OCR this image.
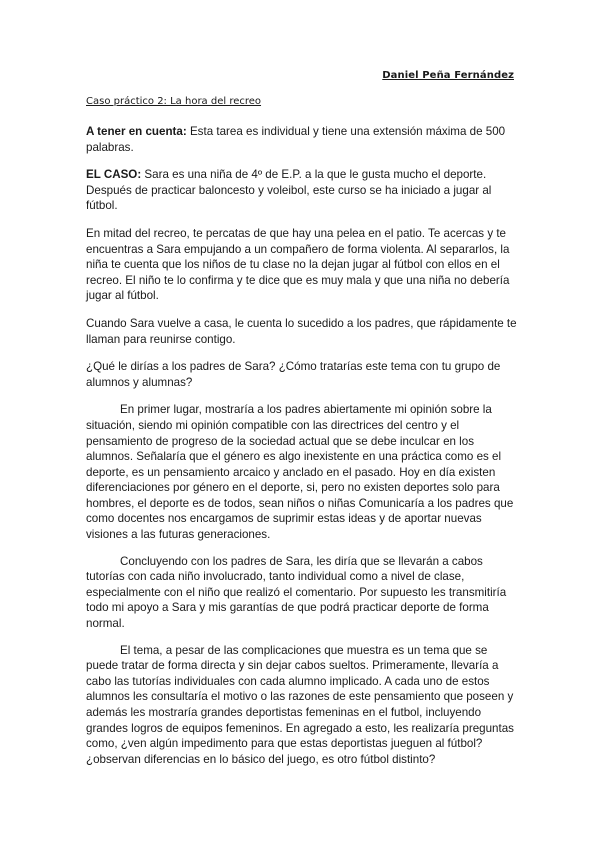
Daniel Peña Fernández
Caso práctico 2: La hora del recreo

A tener en cuenta: Esta tarea es individual y tiene una extensión máxima de 500 palabras.

EL CASO: Sara es una niña de 4º de E.P. a la que le gusta mucho el deporte. Después de practicar baloncesto y voleibol, este curso se ha iniciado a jugar al fútbol.

En mitad del recreo, te percatas de que hay una pelea en el patio. Te acercas y te encuentras a Sara empujando a un compañero de forma violenta. Al separarlos, la niña te cuenta que los niños de tu clase no la dejan jugar al fútbol con ellos en el recreo. El niño te lo confirma y te dice que es muy mala y que una niña no debería jugar al fútbol.

Cuando Sara vuelve a casa, le cuenta lo sucedido a los padres, que rápidamente te llaman para reunirse contigo.

¿Qué le dirías a los padres de Sara? ¿Cómo tratarías este tema con tu grupo de alumnos y alumnas?

En primer lugar, mostraría a los padres abiertamente mi opinión sobre la situación, siendo mi opinión compatible con las directrices del centro y el pensamiento de progreso de la sociedad actual que se debe inculcar en los alumnos. Señalaría que el género es algo inexistente en una práctica como es el deporte, es un pensamiento arcaico y anclado en el pasado. Hoy en día existen diferenciaciones por género en el deporte, si, pero no existen deportes solo para hombres, el deporte es de todos, sean niños o niñas Comunicaría a los padres que como docentes nos encargamos de suprimir estas ideas y de aportar nuevas visiones a las futuras generaciones.

Concluyendo con los padres de Sara, les diría que se llevarán a cabos tutorías con cada niño involucrado, tanto individual como a nivel de clase, especialmente con el niño que realizó el comentario. Por supuesto les transmitiría todo mi apoyo a Sara y mis garantías de que podrá practicar deporte de forma normal.

El tema, a pesar de las complicaciones que muestra es un tema que se puede tratar de forma directa y sin dejar cabos sueltos. Primeramente, llevaría a cabo las tutorías individuales con cada alumno implicado. A cada uno de estos alumnos les consultaría el motivo o las razones de este pensamiento que poseen y además les mostraría grandes deportistas femeninas en el futbol, incluyendo grandes logros de equipos femeninos. En agregado a esto, les realizaría preguntas como, ¿ven algún impedimento para que estas deportistas jueguen al fútbol? ¿observan diferencias en lo básico del juego, es otro fútbol distinto?
